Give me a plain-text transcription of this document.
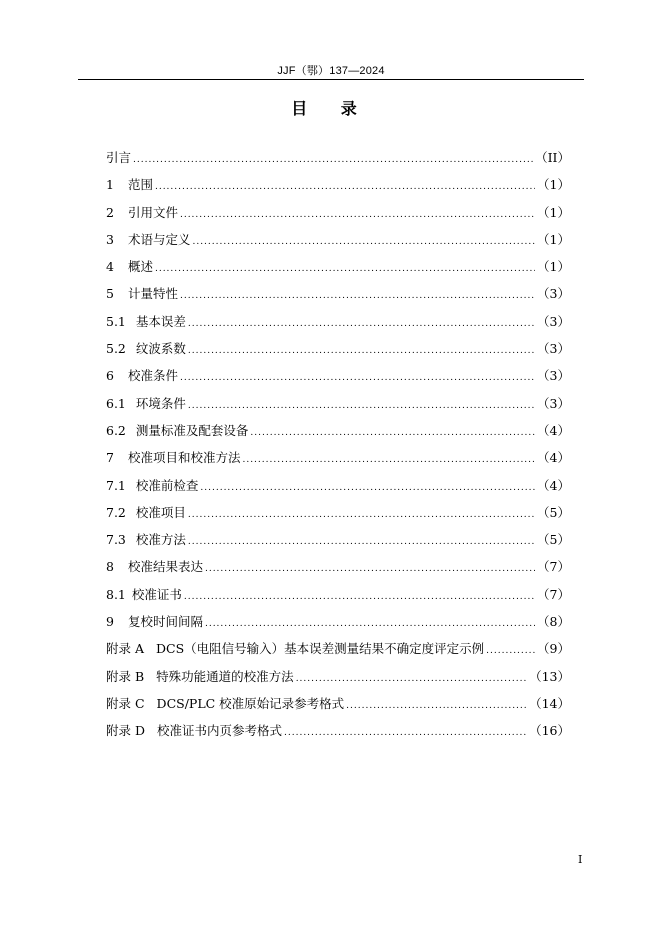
JJF（鄂）137—2024
目 录
引言 .....	（II）
1 范围 .....	（1）
2 引用文件 .....	（1）
3 术语与定义 .....	（1）
4 概述 .....	（1）
5 计量特性 .....	（3）
5.1 基本误差 .....	（3）
5.2 纹波系数 .....	（3）
6 校准条件 .....	（3）
6.1 环境条件 .....	（3）
6.2 测量标准及配套设备 .....	（4）
7 校准项目和校准方法 .....	（4）
7.1 校准前检查 .....	（4）
7.2 校准项目 .....	（5）
7.3 校准方法 .....	（5）
8 校准结果表达 .....	（7）
8.1 校准证书 .....	（7）
9 复校时间间隔 .....	（8）
附录 A DCS（电阻信号输入）基本误差测量结果不确定度评定示例 .....	（9）
附录 B 特殊功能通道的校准方法 .....	（13）
附录 C DCS/PLC 校准原始记录参考格式 .....	（14）
附录 D 校准证书内页参考格式 .....	（16）
I
